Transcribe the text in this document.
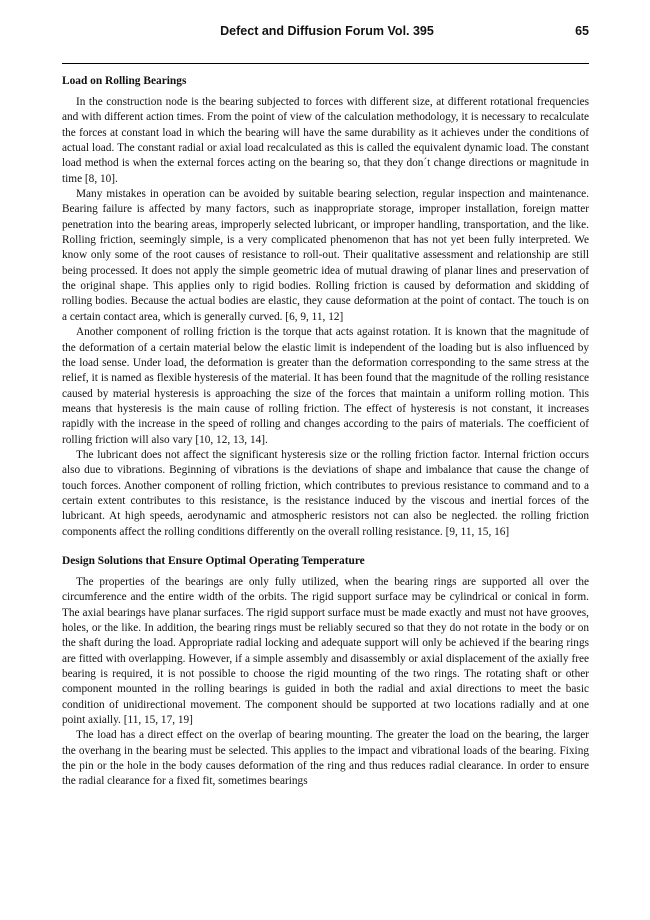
Defect and Diffusion Forum Vol. 395	65
Load on Rolling Bearings

In the construction node is the bearing subjected to forces with different size, at different rotational frequencies and with different action times. From the point of view of the calculation methodology, it is necessary to recalculate the forces at constant load in which the bearing will have the same durability as it achieves under the conditions of actual load. The constant radial or axial load recalculated as this is called the equivalent dynamic load. The constant load method is when the external forces acting on the bearing so, that they don´t change directions or magnitude in time [8, 10].

Many mistakes in operation can be avoided by suitable bearing selection, regular inspection and maintenance. Bearing failure is affected by many factors, such as inappropriate storage, improper installation, foreign matter penetration into the bearing areas, improperly selected lubricant, or improper handling, transportation, and the like. Rolling friction, seemingly simple, is a very complicated phenomenon that has not yet been fully interpreted. We know only some of the root causes of resistance to roll-out. Their qualitative assessment and relationship are still being processed. It does not apply the simple geometric idea of mutual drawing of planar lines and preservation of the original shape. This applies only to rigid bodies. Rolling friction is caused by deformation and skidding of rolling bodies. Because the actual bodies are elastic, they cause deformation at the point of contact. The touch is on a certain contact area, which is generally curved. [6, 9, 11, 12]

Another component of rolling friction is the torque that acts against rotation. It is known that the magnitude of the deformation of a certain material below the elastic limit is independent of the loading but is also influenced by the load sense. Under load, the deformation is greater than the deformation corresponding to the same stress at the relief, it is named as flexible hysteresis of the material. It has been found that the magnitude of the rolling resistance caused by material hysteresis is approaching the size of the forces that maintain a uniform rolling motion. This means that hysteresis is the main cause of rolling friction. The effect of hysteresis is not constant, it increases rapidly with the increase in the speed of rolling and changes according to the pairs of materials. The coefficient of rolling friction will also vary [10, 12, 13, 14].

The lubricant does not affect the significant hysteresis size or the rolling friction factor. Internal friction occurs also due to vibrations. Beginning of vibrations is the deviations of shape and imbalance that cause the change of touch forces. Another component of rolling friction, which contributes to previous resistance to command and to a certain extent contributes to this resistance, is the resistance induced by the viscous and inertial forces of the lubricant. At high speeds, aerodynamic and atmospheric resistors not can also be neglected. the rolling friction components affect the rolling conditions differently on the overall rolling resistance. [9, 11, 15, 16]

Design Solutions that Ensure Optimal Operating Temperature

The properties of the bearings are only fully utilized, when the bearing rings are supported all over the circumference and the entire width of the orbits. The rigid support surface may be cylindrical or conical in form. The axial bearings have planar surfaces. The rigid support surface must be made exactly and must not have grooves, holes, or the like. In addition, the bearing rings must be reliably secured so that they do not rotate in the body or on the shaft during the load. Appropriate radial locking and adequate support will only be achieved if the bearing rings are fitted with overlapping. However, if a simple assembly and disassembly or axial displacement of the axially free bearing is required, it is not possible to choose the rigid mounting of the two rings. The rotating shaft or other component mounted in the rolling bearings is guided in both the radial and axial directions to meet the basic condition of unidirectional movement. The component should be supported at two locations radially and at one point axially. [11, 15, 17, 19]

The load has a direct effect on the overlap of bearing mounting. The greater the load on the bearing, the larger the overhang in the bearing must be selected. This applies to the impact and vibrational loads of the bearing. Fixing the pin or the hole in the body causes deformation of the ring and thus reduces radial clearance. In order to ensure the radial clearance for a fixed fit, sometimes bearings
